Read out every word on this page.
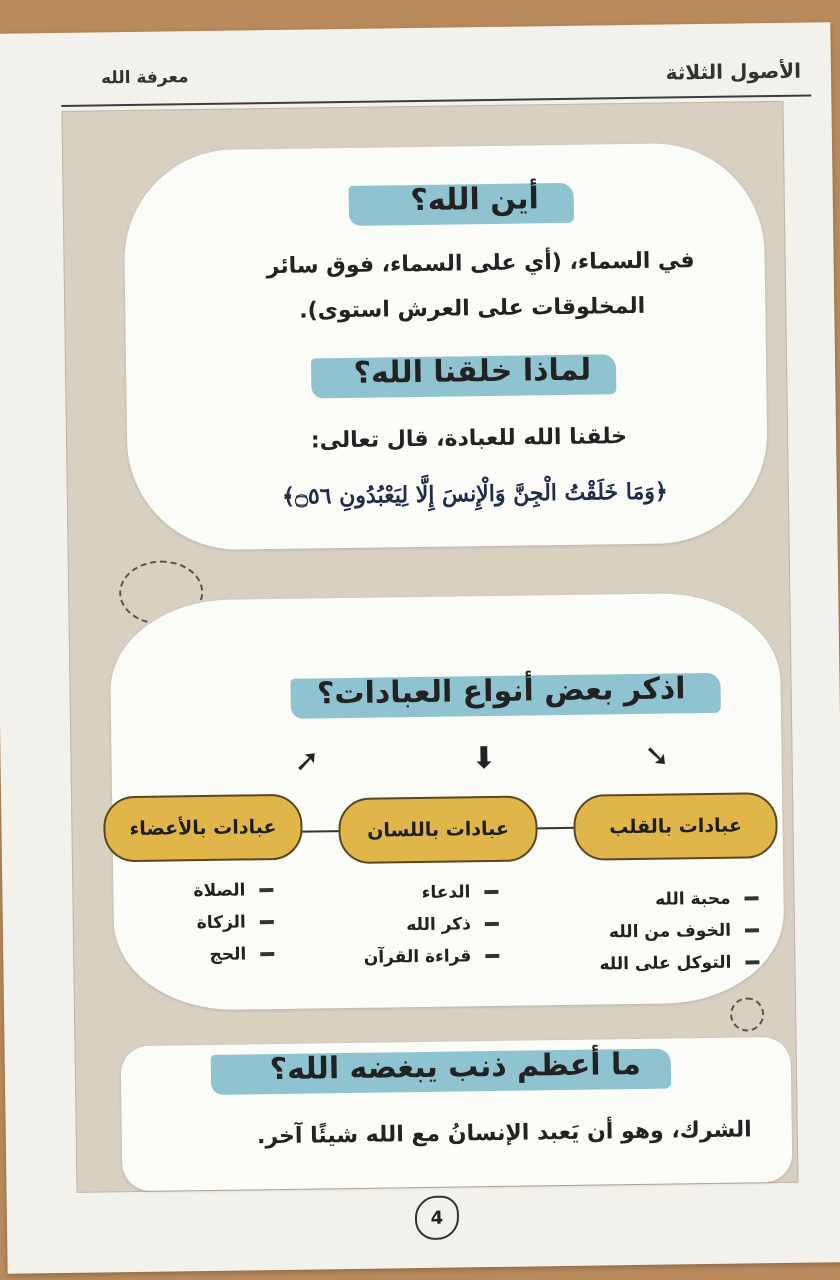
الأصول الثلاثة
معرفة الله
أين الله؟
في السماء، (أي على السماء، فوق سائر
المخلوقات على العرش استوى).
لماذا خلقنا الله؟
خلقنا الله للعبادة، قال تعالى:
﴿وَمَا خَلَقْتُ الْجِنَّ وَالْإِنسَ إِلَّا لِيَعْبُدُونِ ۝٥٦﴾
اذكر بعض أنواع العبادات؟
➘
⬇
➚
عبادات بالقلب
عبادات باللسان
عبادات بالأعضاء
محبة الله
الخوف من الله
التوكل على الله
الدعاء
ذكر الله
قراءة القرآن
الصلاة
الزكاة
الحج
ما أعظم ذنب يبغضه الله؟
الشرك، وهو أن يَعبد الإنسانُ مع الله شيئًا آخر.
4
